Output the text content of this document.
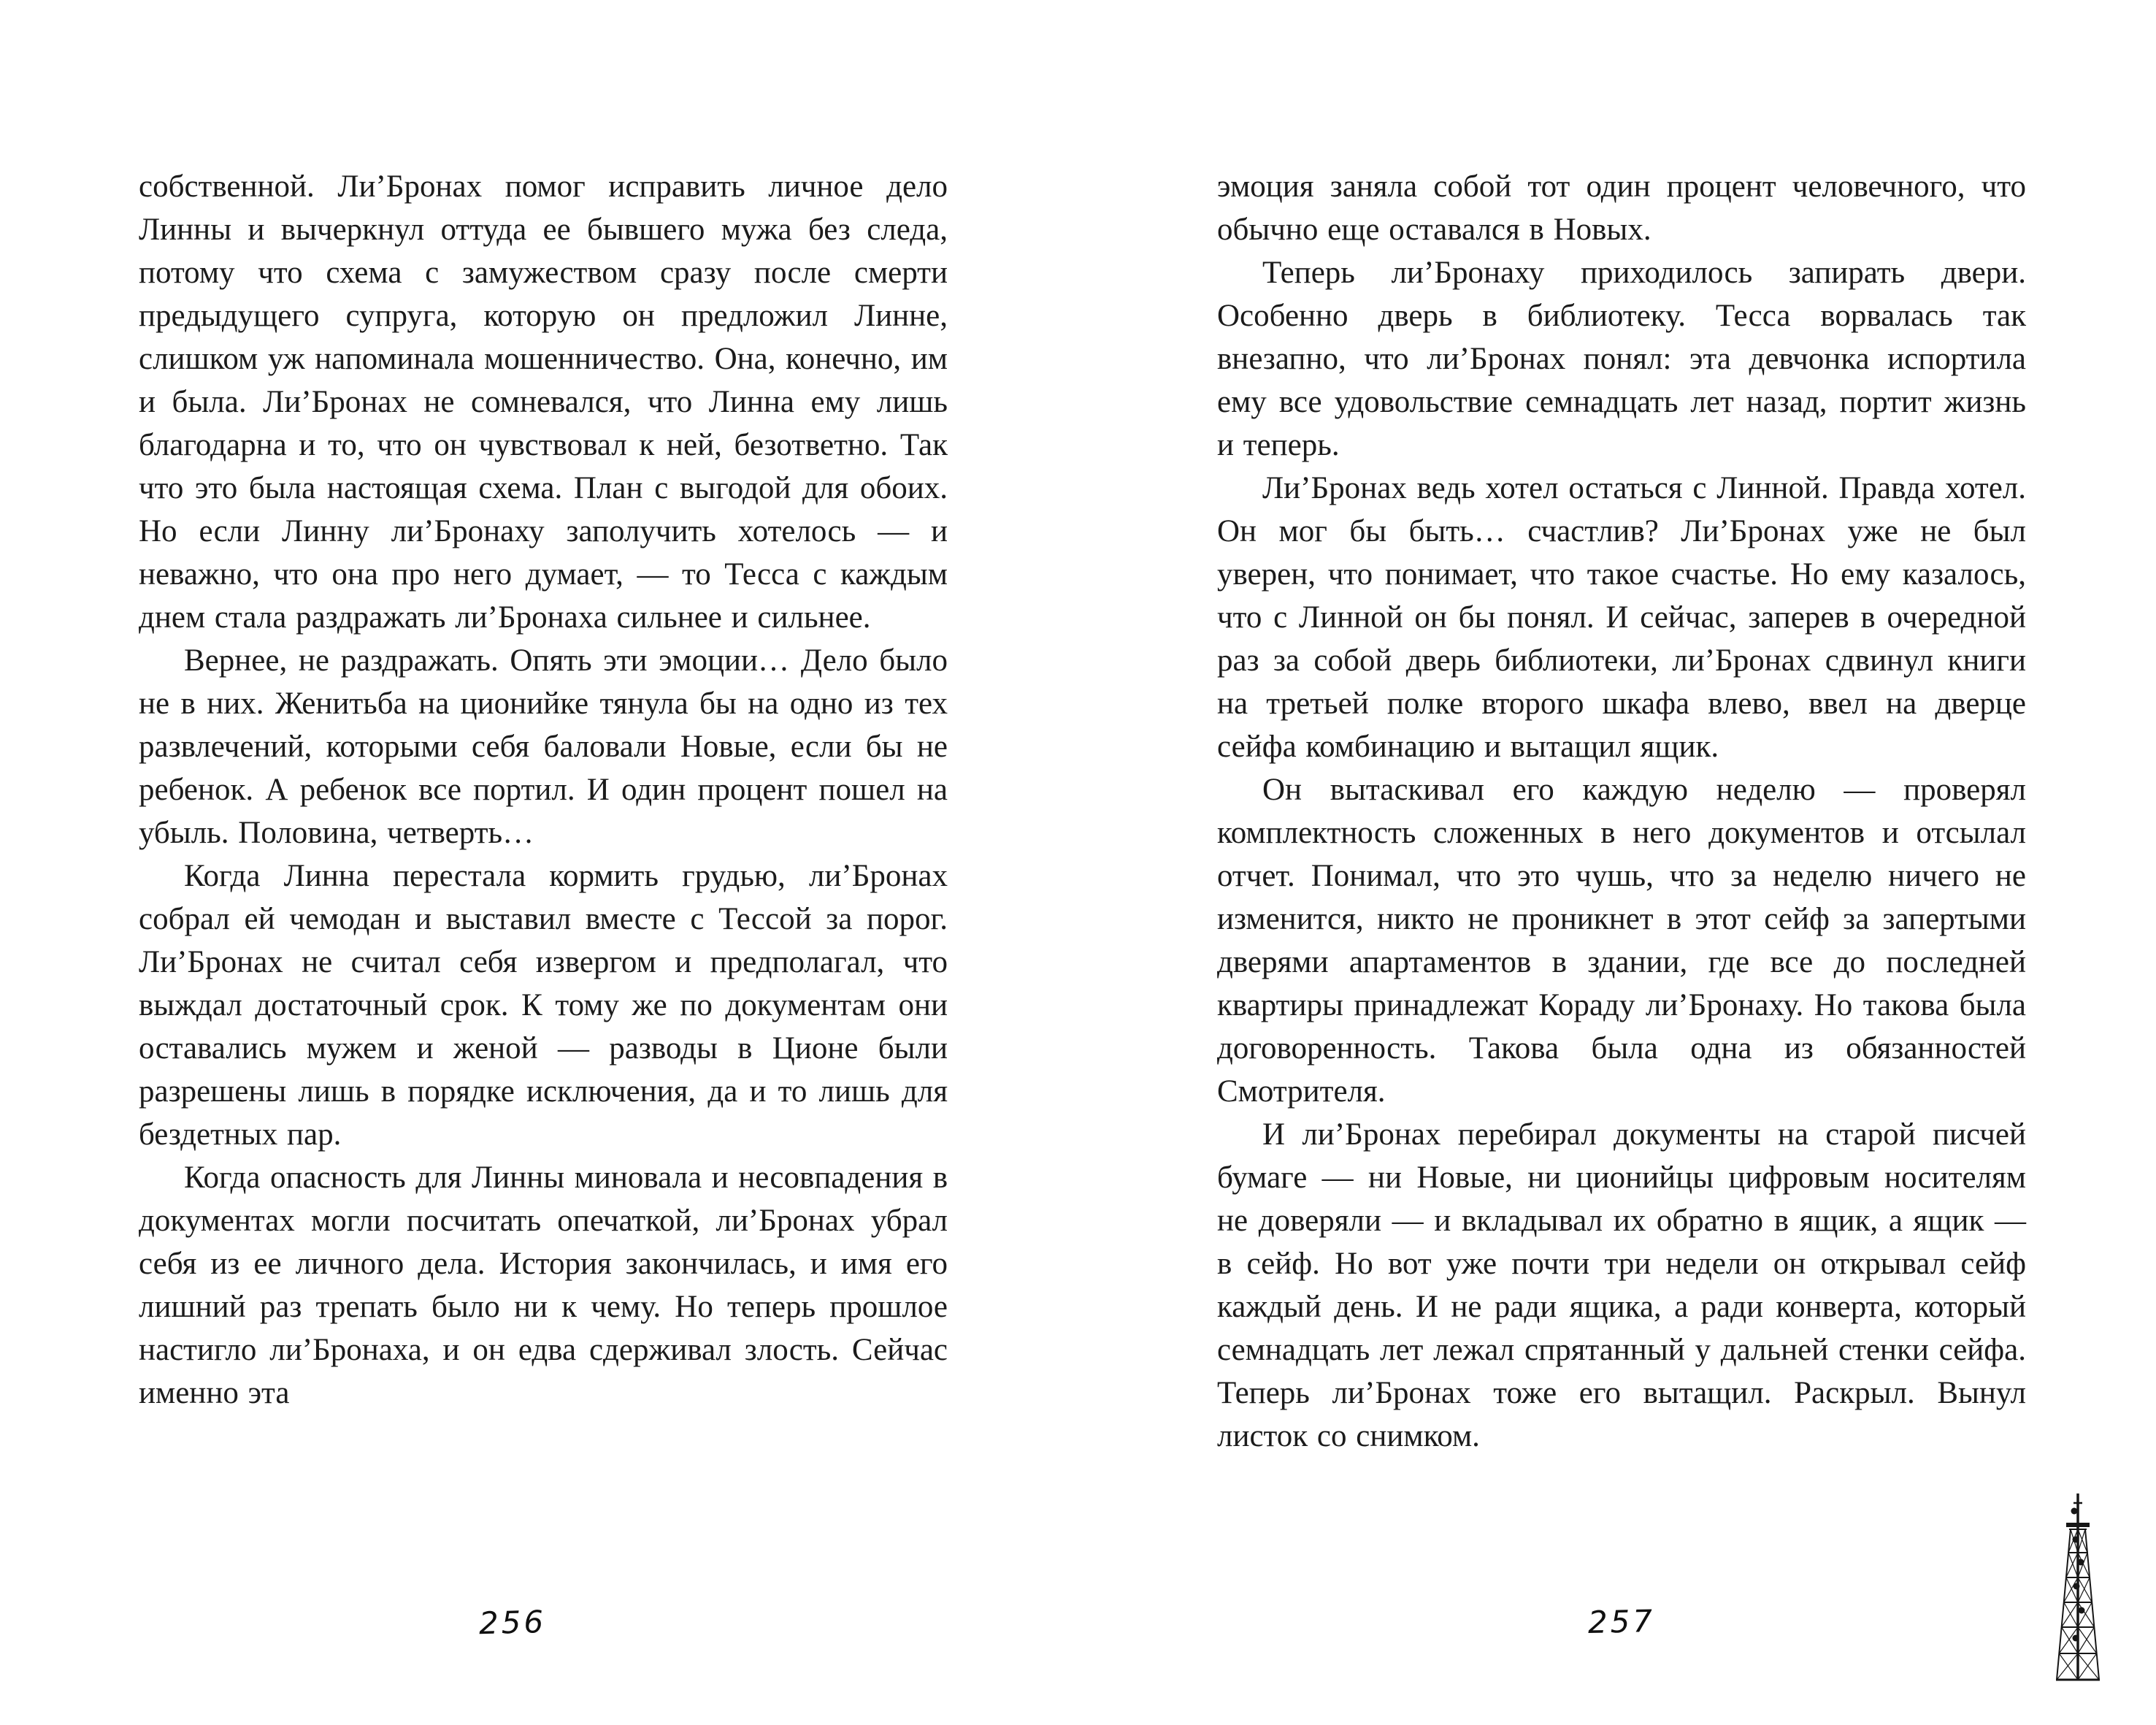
собственной. Ли’Бронах помог исправить личное дело Линны и вычеркнул оттуда ее бывшего мужа без следа, потому что схема с замужеством сразу после смерти предыдущего супруга, которую он предложил Линне, слишком уж напоминала мошенничество. Она, конечно, им и была. Ли’Бронах не сомневался, что Линна ему лишь благодарна и то, что он чувствовал к ней, безответно. Так что это была настоящая схема. План с выгодой для обоих. Но если Линну ли’Бронаху заполучить хотелось — и неважно, что она про него думает, — то Тесса с каждым днем стала раздражать ли’Бронаха сильнее и сильнее.

Вернее, не раздражать. Опять эти эмоции… Дело было не в них. Женитьба на ционийке тянула бы на одно из тех развлечений, которыми себя баловали Новые, если бы не ребенок. А ребенок все портил. И один процент пошел на убыль. Половина, четверть…

Когда Линна перестала кормить грудью, ли’Бронах собрал ей чемодан и выставил вместе с Тессой за порог. Ли’Бронах не считал себя извергом и предполагал, что выждал достаточный срок. К тому же по документам они оставались мужем и женой — разводы в Ционе были разрешены лишь в порядке исключения, да и то лишь для бездетных пар.

Когда опасность для Линны миновала и несовпадения в документах могли посчитать опечаткой, ли’Бронах убрал себя из ее личного дела. История закончилась, и имя его лишний раз трепать было ни к чему. Но теперь прошлое настигло ли’Бронаха, и он едва сдерживал злость. Сейчас именно эта

256

эмоция заняла собой тот один процент человечного, что обычно еще оставался в Новых.

Теперь ли’Бронаху приходилось запирать двери. Особенно дверь в библиотеку. Тесса ворвалась так внезапно, что ли’Бронах понял: эта девчонка испортила ему все удовольствие семнадцать лет назад, портит жизнь и теперь.

Ли’Бронах ведь хотел остаться с Линной. Правда хотел. Он мог бы быть… счастлив? Ли’Бронах уже не был уверен, что понимает, что такое счастье. Но ему казалось, что с Линной он бы понял. И сейчас, заперев в очередной раз за собой дверь библиотеки, ли’Бронах сдвинул книги на третьей полке второго шкафа влево, ввел на дверце сейфа комбинацию и вытащил ящик.

Он вытаскивал его каждую неделю — проверял комплектность сложенных в него документов и отсылал отчет. Понимал, что это чушь, что за неделю ничего не изменится, никто не проникнет в этот сейф за запертыми дверями апартаментов в здании, где все до последней квартиры принадлежат Кораду ли’Бронаху. Но такова была договоренность. Такова была одна из обязанностей Смотрителя.

И ли’Бронах перебирал документы на старой писчей бумаге — ни Новые, ни ционийцы цифровым носителям не доверяли — и вкладывал их обратно в ящик, а ящик — в сейф. Но вот уже почти три недели он открывал сейф каждый день. И не ради ящика, а ради конверта, который семнадцать лет лежал спрятанный у дальней стенки сейфа. Теперь ли’Бронах тоже его вытащил. Раскрыл. Вынул листок со снимком.

257
